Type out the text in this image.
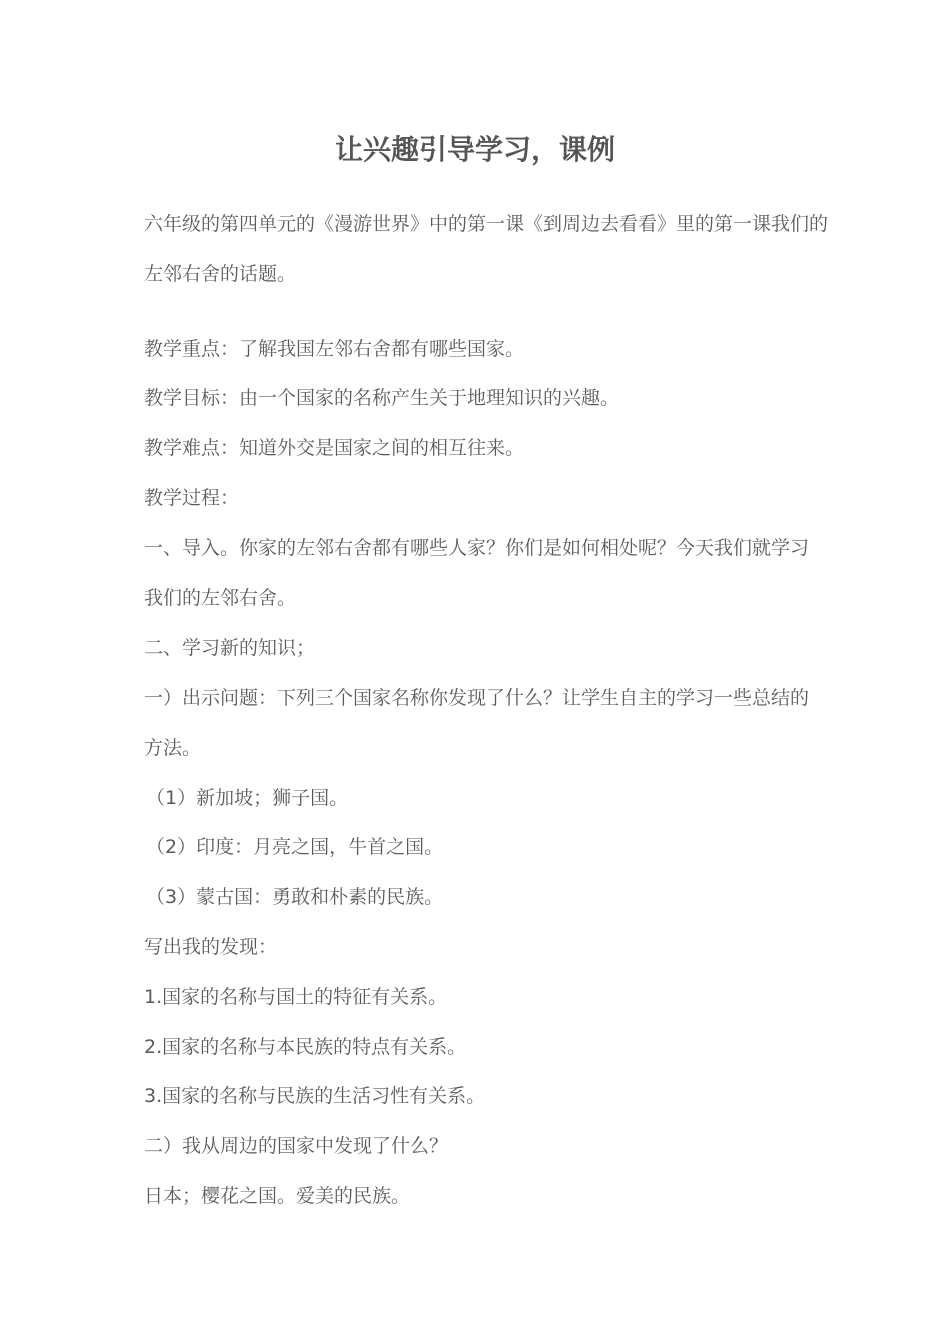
让兴趣引导学习，课例

六年级的第四单元的《漫游世界》中的第一课《到周边去看看》里的第一课我们的

左邻右舍的话题。

教学重点：了解我国左邻右舍都有哪些国家。

教学目标：由一个国家的名称产生关于地理知识的兴趣。

教学难点：知道外交是国家之间的相互往来。

教学过程：

一、导入。你家的左邻右舍都有哪些人家？你们是如何相处呢？今天我们就学习

我们的左邻右舍。

二、学习新的知识；

一）出示问题：下列三个国家名称你发现了什么？让学生自主的学习一些总结的

方法。

（1）新加坡；狮子国。

（2）印度：月亮之国，牛首之国。

（3）蒙古国：勇敢和朴素的民族。

写出我的发现：

1.国家的名称与国土的特征有关系。

2.国家的名称与本民族的特点有关系。

3.国家的名称与民族的生活习性有关系。

二）我从周边的国家中发现了什么？

日本；樱花之国。爱美的民族。
